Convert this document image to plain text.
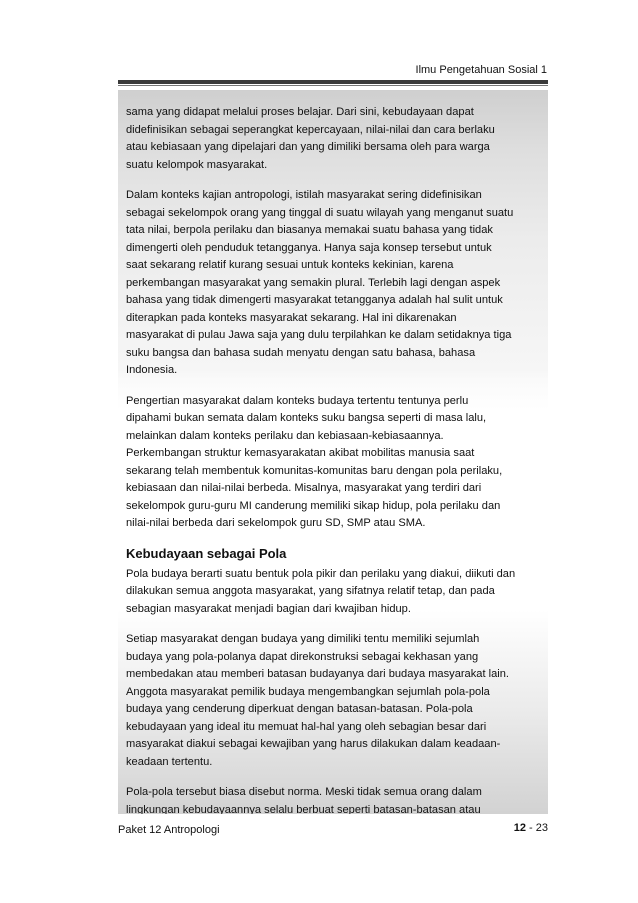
Ilmu Pengetahuan Sosial 1
sama yang didapat melalui proses belajar. Dari sini, kebudayaan dapat
didefinisikan sebagai seperangkat kepercayaan, nilai-nilai dan cara berlaku
atau kebiasaan yang dipelajari dan yang dimiliki bersama oleh para warga
suatu kelompok masyarakat.
Dalam konteks kajian antropologi, istilah masyarakat sering didefinisikan
sebagai sekelompok orang yang tinggal di suatu wilayah yang menganut suatu
tata nilai, berpola perilaku dan biasanya memakai suatu bahasa yang tidak
dimengerti oleh penduduk tetangganya. Hanya saja konsep tersebut untuk
saat sekarang relatif kurang sesuai untuk konteks kekinian, karena
perkembangan masyarakat yang semakin plural. Terlebih lagi dengan aspek
bahasa yang tidak dimengerti masyarakat tetangganya adalah hal sulit untuk
diterapkan pada konteks masyarakat sekarang. Hal ini dikarenakan
masyarakat di pulau Jawa saja yang dulu terpilahkan ke dalam setidaknya tiga
suku bangsa dan bahasa sudah menyatu dengan satu bahasa, bahasa
Indonesia.
Pengertian masyarakat dalam konteks budaya tertentu tentunya perlu
dipahami bukan semata dalam konteks suku bangsa seperti di masa lalu,
melainkan dalam konteks perilaku dan kebiasaan-kebiasaannya.
Perkembangan struktur kemasyarakatan akibat mobilitas manusia saat
sekarang telah membentuk komunitas-komunitas baru dengan pola perilaku,
kebiasaan dan nilai-nilai berbeda. Misalnya, masyarakat yang terdiri dari
sekelompok guru-guru MI canderung memiliki sikap hidup, pola perilaku dan
nilai-nilai berbeda dari sekelompok guru SD, SMP atau SMA.
Kebudayaan sebagai Pola
Pola budaya berarti suatu bentuk pola pikir dan perilaku yang diakui, diikuti dan
dilakukan semua anggota masyarakat, yang sifatnya relatif tetap, dan pada
sebagian masyarakat menjadi bagian dari kwajiban hidup.
Setiap masyarakat dengan budaya yang dimiliki tentu memiliki sejumlah
budaya yang pola-polanya dapat direkonstruksi sebagai kekhasan yang
membedakan atau memberi batasan budayanya dari budaya masyarakat lain.
Anggota masyarakat pemilik budaya mengembangkan sejumlah pola-pola
budaya yang cenderung diperkuat dengan batasan-batasan. Pola-pola
kebudayaan yang ideal itu memuat hal-hal yang oleh sebagian besar dari
masyarakat diakui sebagai kewajiban yang harus dilakukan dalam keadaan-
keadaan tertentu.
Pola-pola tersebut biasa disebut norma. Meski tidak semua orang dalam
lingkungan kebudayaannya selalu berbuat seperti batasan-batasan atau
Paket 12 Antropologi	12 - 23
